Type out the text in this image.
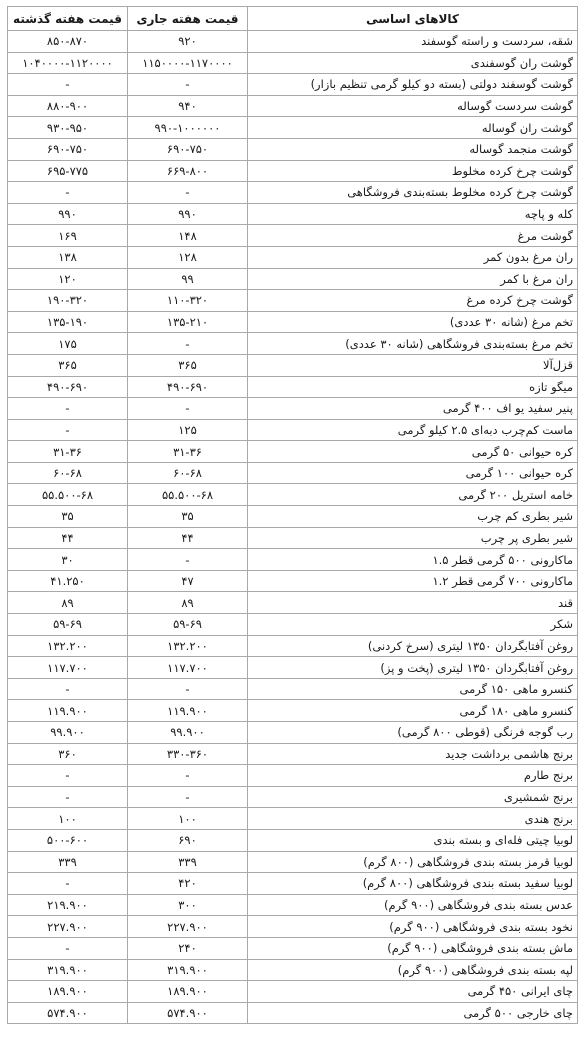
کالاهای اساسی	قیمت هفته جاری	قیمت هفته گذشته
شقه، سردست و راسته گوسفند	۹۲۰	۸۵۰-۸۷۰
گوشت ران گوسفندی	۱۱۵۰۰۰۰-۱۱۷۰۰۰۰	۱۰۴۰۰۰۰-۱۱۲۰۰۰۰
گوشت گوسفند دولتی (بسته دو کیلو گرمی تنظیم بازار)	-	-
گوشت سردست گوساله	۹۴۰	۸۸۰-۹۰۰
گوشت ران گوساله	۹۹۰-۱۰۰۰۰۰۰	۹۳۰-۹۵۰
گوشت منجمد گوساله	۶۹۰-۷۵۰	۶۹۰-۷۵۰
گوشت چرخ کرده مخلوط	۶۶۹-۸۰۰	۶۹۵-۷۷۵
گوشت چرخ کرده مخلوط بسته‌بندی فروشگاهی	-	-
کله و پاچه	۹۹۰	۹۹۰
گوشت مرغ	۱۴۸	۱۶۹
ران مرغ بدون کمر	۱۲۸	۱۳۸
ران مرغ با کمر	۹۹	۱۲۰
گوشت چرخ کرده مرغ	۱۱۰-۳۲۰	۱۹۰-۳۲۰
تخم مرغ (شانه ۳۰ عددی)	۱۳۵-۲۱۰	۱۳۵-۱۹۰
تخم مرغ بسته‌بندی فروشگاهی (شانه ۳۰ عددی)	-	۱۷۵
قزل‌آلا	۳۶۵	۳۶۵
میگو تازه	۴۹۰-۶۹۰	۴۹۰-۶۹۰
پنیر سفید یو اف ۴۰۰ گرمی	-	-
ماست کم‌چرب دبه‌ای ۲.۵ کیلو گرمی	۱۲۵	-
کره حیوانی ۵۰ گرمی	۳۱-۳۶	۳۱-۳۶
کره حیوانی ۱۰۰ گرمی	۶۰-۶۸	۶۰-۶۸
خامه استریل ۲۰۰ گرمی	۵۵.۵۰۰-۶۸	۵۵.۵۰۰-۶۸
شیر بطری کم چرب	۳۵	۳۵
شیر بطری پر چرب	۴۴	۴۴
ماکارونی ۵۰۰ گرمی قطر ۱.۵	-	۳۰
ماکارونی ۷۰۰ گرمی قطر ۱.۲	۴۷	۴۱.۲۵۰
قند	۸۹	۸۹
شکر	۵۹-۶۹	۵۹-۶۹
روغن آفتابگردان ۱۳۵۰ لیتری (سرخ کردنی)	۱۳۲.۲۰۰	۱۳۲.۲۰۰
روغن آفتابگردان ۱۳۵۰ لیتری (پخت و پز)	۱۱۷.۷۰۰	۱۱۷.۷۰۰
کنسرو ماهی ۱۵۰ گرمی	-	-
کنسرو ماهی ۱۸۰ گرمی	۱۱۹.۹۰۰	۱۱۹.۹۰۰
رب گوجه فرنگی (قوطی ۸۰۰ گرمی)	۹۹.۹۰۰	۹۹.۹۰۰
برنج هاشمی برداشت جدید	۳۳۰-۳۶۰	۳۶۰
برنج طارم	-	-
برنج شمشیری	-	-
برنج هندی	۱۰۰	۱۰۰
لوبیا چیتی فله‌ای و بسته بندی	۶۹۰	۵۰۰-۶۰۰
لوبیا قرمز بسته بندی فروشگاهی (۸۰۰ گرم)	۳۳۹	۳۳۹
لوبیا سفید بسته بندی فروشگاهی (۸۰۰ گرم)	۴۲۰	-
عدس بسته بندی فروشگاهی (۹۰۰ گرم)	۳۰۰	۲۱۹.۹۰۰
نخود بسته بندی فروشگاهی (۹۰۰ گرم)	۲۲۷.۹۰۰	۲۲۷.۹۰۰
ماش بسته بندی فروشگاهی (۹۰۰ گرم)	۲۴۰	-
لپه بسته بندی فروشگاهی (۹۰۰ گرم)	۳۱۹.۹۰۰	۳۱۹.۹۰۰
چای ایرانی ۴۵۰ گرمی	۱۸۹.۹۰۰	۱۸۹.۹۰۰
چای خارجی ۵۰۰ گرمی	۵۷۴.۹۰۰	۵۷۴.۹۰۰
